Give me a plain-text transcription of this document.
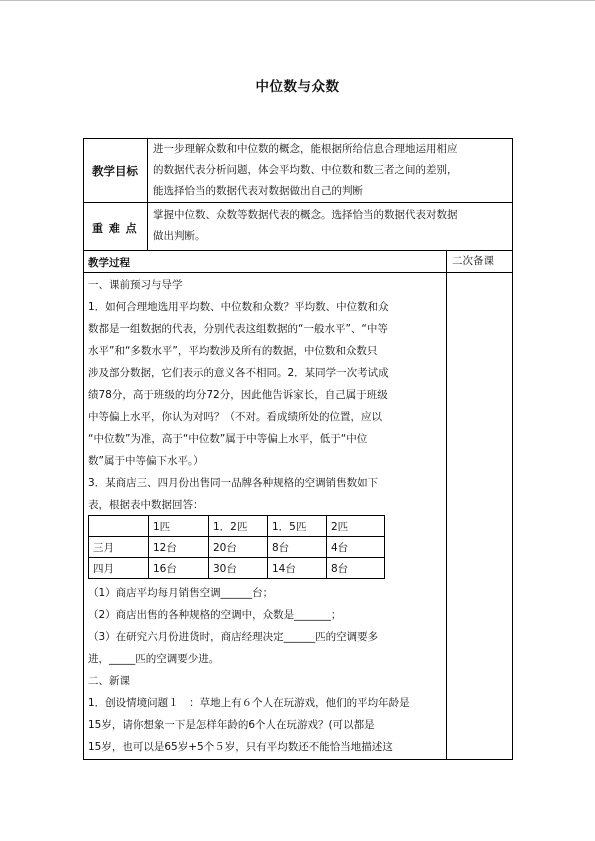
中位数与众数
教学目标
进一步理解众数和中位数的概念，能根据所给信息合理地运用相应
的数据代表分析问题，体会平均数、中位数和数三者之间的差别，
能选择恰当的数据代表对数据做出自己的判断
重 难 点
掌握中位数、众数等数据代表的概念。选择恰当的数据代表对数据
做出判断。
教学过程	二次备课
一、课前预习与导学
1．如何合理地选用平均数、中位数和众数？平均数、中位数和众
数都是一组数据的代表，分别代表这组数据的“一般水平”、“中等
水平”和“多数水平”，平均数涉及所有的数据，中位数和众数只
涉及部分数据，它们表示的意义各不相同。2．某同学一次考试成
绩78分，高于班级的均分72分，因此他告诉家长，自己属于班级
中等偏上水平，你认为对吗？（不对。看成绩所处的位置，应以
“中位数”为准，高于“中位数”属于中等偏上水平，低于“中位
数”属于中等偏下水平。）
3．某商店三、四月份出售同一品牌各种规格的空调销售数如下
表，根据表中数据回答：
	1匹	1．2匹	1．5匹	2匹
三月	12台	20台	8台	4台
四月	16台	30台	14台	8台
（1）商店平均每月销售空调______台；
（2）商店出售的各种规格的空调中，众数是_______；
（3）在研究六月份进货时，商店经理决定______匹的空调要多
进，_____匹的空调要少进。
二、新课
1．创设情境问题１　：草地上有６个人在玩游戏，他们的平均年龄是
15岁，请你想象一下是怎样年龄的6个人在玩游戏？(可以都是
15岁，也可以是65岁+5个５岁，只有平均数还不能恰当地描述这
